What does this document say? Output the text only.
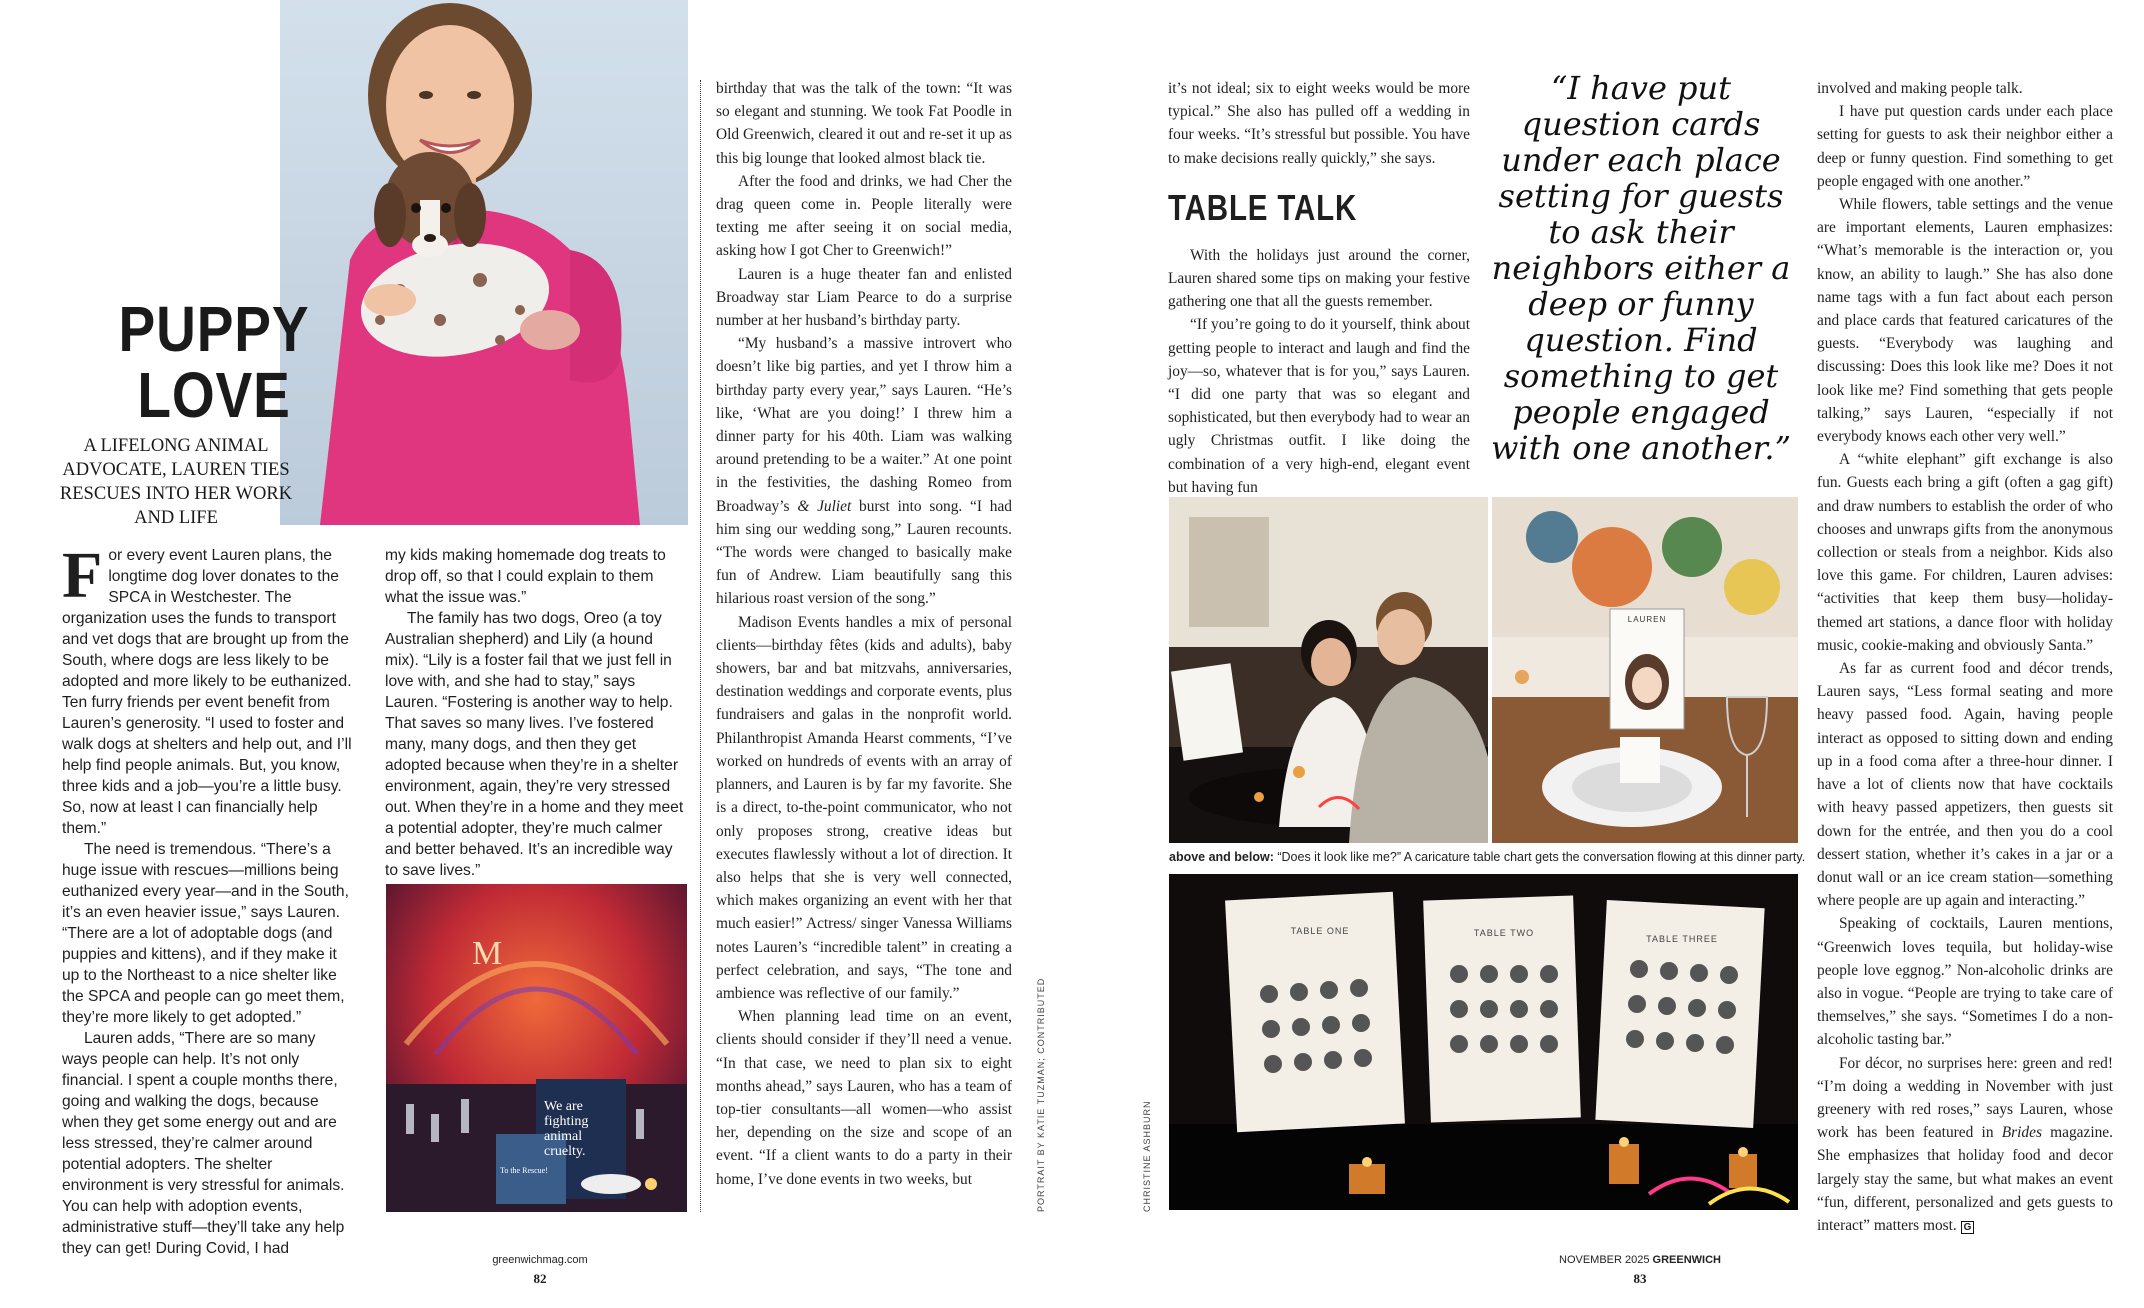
PUPPY
LOVE
A LIFELONG ANIMAL ADVOCATE, LAUREN TIES RESCUES INTO HER WORK AND LIFE

F or every event Lauren plans, the longtime dog lover donates to the SPCA in Westchester. The organization uses the funds to transport and vet dogs that are brought up from the South, where dogs are less likely to be adopted and more likely to be euthanized. Ten furry friends per event benefit from Lauren’s generosity. “I used to foster and walk dogs at shelters and help out, and I’ll help find people animals. But, you know, three kids and a job—you’re a little busy. So, now at least I can financially help them.”

The need is tremendous. “There’s a huge issue with rescues—millions being euthanized every year—and in the South, it’s an even heavier issue,” says Lauren. “There are a lot of adoptable dogs (and puppies and kittens), and if they make it up to the Northeast to a nice shelter like the SPCA and people can go meet them, they’re more likely to get adopted.”

Lauren adds, “There are so many ways people can help. It’s not only financial. I spent a couple months there, going and walking the dogs, because when they get some energy out and are less stressed, they’re calmer around potential adopters. The shelter environment is very stressful for animals. You can help with adoption events, administrative stuff—they’ll take any help they can get! During Covid, I had

my kids making homemade dog treats to drop off, so that I could explain to them what the issue was.”

The family has two dogs, Oreo (a toy Australian shepherd) and Lily (a hound mix). “Lily is a foster fail that we just fell in love with, and she had to stay,” says Lauren. “Fostering is another way to help. That saves so many lives. I’ve fostered many, many dogs, and then they get adopted because when they’re in a shelter environment, again, they’re very stressed out. When they’re in a home and they meet a potential adopter, they’re much calmer and better behaved. It’s an incredible way to save lives.”

M
We are fighting animal cruelty.
To the Rescue!

birthday that was the talk of the town: “It was so elegant and stunning. We took Fat Poodle in Old Greenwich, cleared it out and re-set it up as this big lounge that looked almost black tie.

After the food and drinks, we had Cher the drag queen come in. People literally were texting me after seeing it on social media, asking how I got Cher to Greenwich!”

Lauren is a huge theater fan and enlisted Broadway star Liam Pearce to do a surprise number at her husband’s birthday party.

“My husband’s a massive introvert who doesn’t like big parties, and yet I throw him a birthday party every year,” says Lauren. “He’s like, ‘What are you doing!’ I threw him a dinner party for his 40th. Liam was walking around pretending to be a waiter.” At one point in the festivities, the dashing Romeo from Broadway’s & Juliet burst into song. “I had him sing our wedding song,” Lauren recounts. “The words were changed to basically make fun of Andrew. Liam beautifully sang this hilarious roast version of the song.”

Madison Events handles a mix of personal clients—birthday fêtes (kids and adults), baby showers, bar and bat mitzvahs, anniversaries, destination weddings and corporate events, plus fundraisers and galas in the nonprofit world. Philanthropist Amanda Hearst comments, “I’ve worked on hundreds of events with an array of planners, and Lauren is by far my favorite. She is a direct, to-the-point communicator, who not only proposes strong, creative ideas but executes flawlessly without a lot of direction. It also helps that she is very well connected, which makes organizing an event with her that much easier!” Actress/ singer Vanessa Williams notes Lauren’s “incredible talent” in creating a perfect celebration, and says, “The tone and ambience was reflective of our family.”

When planning lead time on an event, clients should consider if they’ll need a venue. “In that case, we need to plan six to eight months ahead,” says Lauren, who has a team of top-tier consultants—all women—who assist her, depending on the size and scope of an event. “If a client wants to do a party in their home, I’ve done events in two weeks, but	PORTRAIT BY KATIE TUZMAN; CONTRIBUTED
greenwichmag.com
82

it’s not ideal; six to eight weeks would be more typical.” She also has pulled off a wedding in four weeks. “It’s stressful but possible. You have to make decisions really quickly,” she says.

TABLE TALK

With the holidays just around the corner, Lauren shared some tips on making your festive gathering one that all the guests remember.

“If you’re going to do it yourself, think about getting people to interact and laugh and find the joy—so, whatever that is for you,” says Lauren. “I did one party that was so elegant and sophisticated, but then everybody had to wear an ugly Christmas outfit. I like doing the combination of a very high-end, elegant event but having fun

“I have put question cards under each place setting for guests to ask their neighbors either a deep or funny question. Find something to get people engaged with one another.”
LAUREN
above and below: “Does it look like me?” A caricature table chart gets the conversation flowing at this dinner party.
TABLE ONE	TABLE TWO
TABLE THREE
CHRISTINE ASHBURN

involved and making people talk.

I have put question cards under each place setting for guests to ask their neighbor either a deep or funny question. Find something to get people engaged with one another.”

While flowers, table settings and the venue are important elements, Lauren emphasizes: “What’s memorable is the interaction or, you know, an ability to laugh.” She has also done name tags with a fun fact about each person and place cards that featured caricatures of the guests. “Everybody was laughing and discussing: Does this look like me? Does it not look like me? Find something that gets people talking,” says Lauren, “especially if not everybody knows each other very well.”

A “white elephant” gift exchange is also fun. Guests each bring a gift (often a gag gift) and draw numbers to establish the order of who chooses and unwraps gifts from the anonymous collection or steals from a neighbor. Kids also love this game. For children, Lauren advises: “activities that keep them busy—holiday-themed art stations, a dance floor with holiday music, cookie-making and obviously Santa.”

As far as current food and décor trends, Lauren says, “Less formal seating and more heavy passed food. Again, having people interact as opposed to sitting down and ending up in a food coma after a three-hour dinner. I have a lot of clients now that have cocktails with heavy passed appetizers, then guests sit down for the entrée, and then you do a cool dessert station, whether it’s cakes in a jar or a donut wall or an ice cream station—something where people are up again and interacting.”

Speaking of cocktails, Lauren mentions, “Greenwich loves tequila, but holiday-wise people love eggnog.” Non-alcoholic drinks are also in vogue. “People are trying to take care of themselves,” she says. “Sometimes I do a non-alcoholic tasting bar.”

For décor, no surprises here: green and red! “I’m doing a wedding in November with just greenery with red roses,” says Lauren, whose work has been featured in Brides magazine. She emphasizes that holiday food and decor largely stay the same, but what makes an event “fun, different, personalized and gets guests to interact” matters most. G

NOVEMBER 2025 GREENWICH
83
